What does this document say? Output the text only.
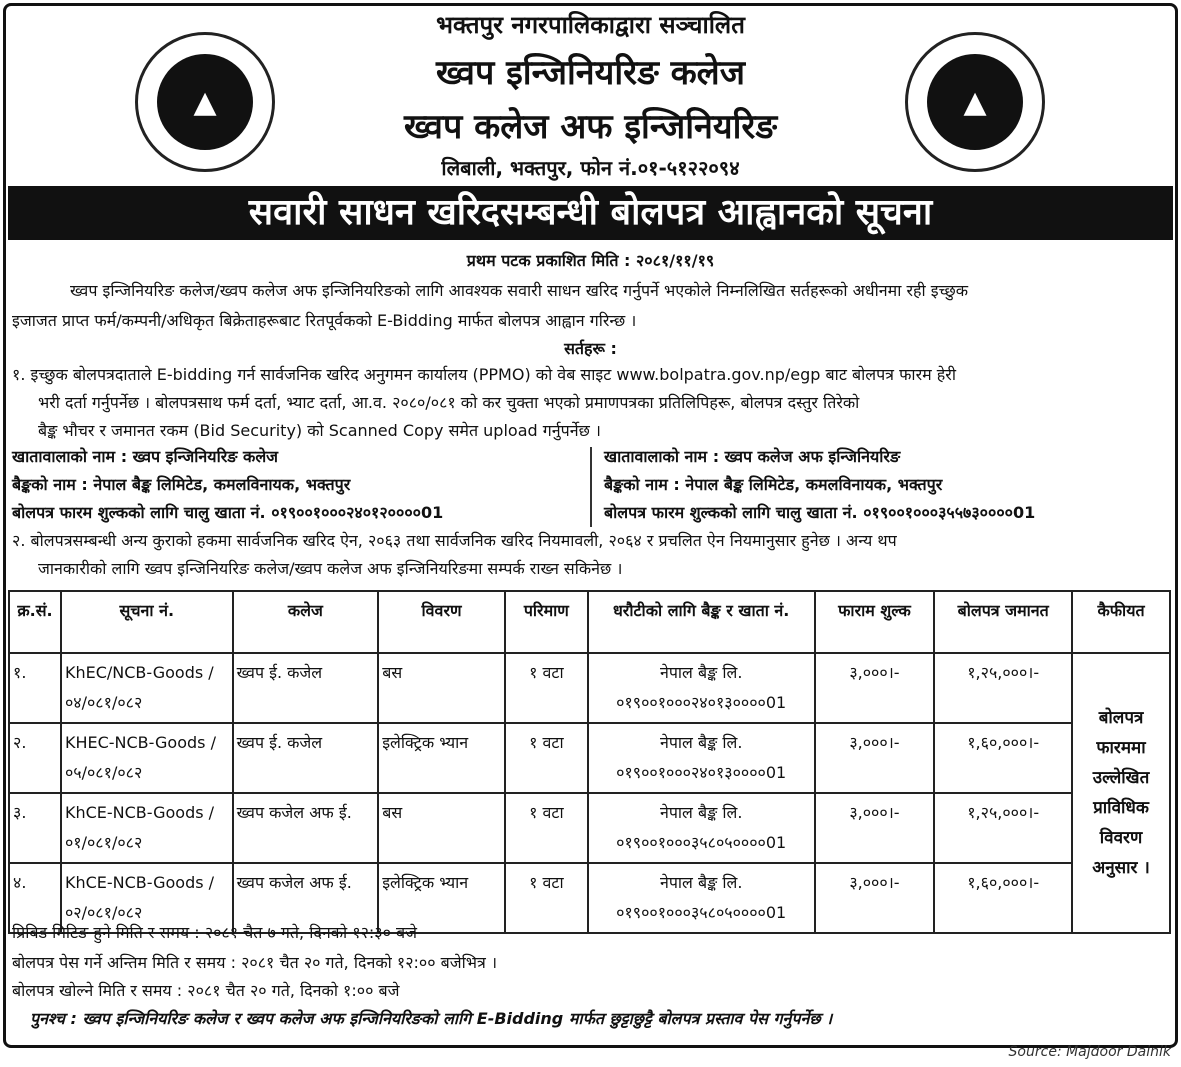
▲	▲
भक्तपुर नगरपालिकाद्वारा सञ्चालित
ख्वप इन्जिनियरिङ कलेज
ख्वप कलेज अफ इन्जिनियरिङ
लिबाली, भक्तपुर, फोन नं.०१-५१२२०९४
सवारी साधन खरिदसम्बन्धी बोलपत्र आह्वानको सूचना
प्रथम पटक प्रकाशित मिति : २०८१/११/१९
ख्वप इन्जिनियरिङ कलेज/ख्वप कलेज अफ इन्जिनियरिङको लागि आवश्यक सवारी साधन खरिद गर्नुपर्ने भएकोले निम्नलिखित सर्तहरूको अधीनमा रही इच्छुक
इजाजत प्राप्त फर्म/कम्पनी/अधिकृत बिक्रेताहरूबाट रितपूर्वकको E-Bidding मार्फत बोलपत्र आह्वान गरिन्छ ।
सर्तहरू :
१. इच्छुक बोलपत्रदाताले E-bidding गर्न सार्वजनिक खरिद अनुगमन कार्यालय (PPMO) को वेब साइट www.bolpatra.gov.np/egp बाट बोलपत्र फारम हेरी
भरी दर्ता गर्नुपर्नेछ । बोलपत्रसाथ फर्म दर्ता, भ्याट दर्ता, आ.व. २०८०/०८१ को कर चुक्ता भएको प्रमाणपत्रका प्रतिलिपिहरू, बोलपत्र दस्तुर तिरेको
बैङ्क भौचर र जमानत रकम (Bid Security) को Scanned Copy समेत upload गर्नुपर्नेछ ।
खातावालाको नाम : ख्वप इन्जिनियरिङ कलेज
बैङ्कको नाम : नेपाल बैङ्क लिमिटेड, कमलविनायक, भक्तपुर
बोलपत्र फारम शुल्कको लागि चालु खाता नं. ०१९००१०००२४०१२००००01
खातावालाको नाम : ख्वप कलेज अफ इन्जिनियरिङ
बैङ्कको नाम : नेपाल बैङ्क लिमिटेड, कमलविनायक, भक्तपुर
बोलपत्र फारम शुल्कको लागि चालु खाता नं. ०१९००१०००३५५७३००००01
२. बोलपत्रसम्बन्धी अन्य कुराको हकमा सार्वजनिक खरिद ऐन, २०६३ तथा सार्वजनिक खरिद नियमावली, २०६४ र प्रचलित ऐन नियमानुसार हुनेछ । अन्य थप
जानकारीको लागि ख्वप इन्जिनियरिङ कलेज/ख्वप कलेज अफ इन्जिनियरिङमा सम्पर्क राख्न सकिनेछ ।
क्र.सं.	सूचना नं.	कलेज	विवरण	परिमाण	धरौटीको लागि बैङ्क र खाता नं.	फाराम शुल्क	बोलपत्र जमानत	कैफीयत
१.	KhEC/NCB-Goods /०४/०८१/०८२	ख्वप ई. कजेल	बस	१ वटा	नेपाल बैङ्क लि. ०१९००१०००२४०१३००००01	३,०००।-	१,२५,०००।-	बोलपत्र फारममा उल्लेखित प्राविधिक विवरण अनुसार ।
२.	KHEC-NCB-Goods /०५/०८१/०८२	ख्वप ई. कजेल	इलेक्ट्रिक भ्यान	१ वटा	नेपाल बैङ्क लि. ०१९००१०००२४०१३००००01	३,०००।-	१,६०,०००।-	
३.	KhCE-NCB-Goods /०१/०८१/०८२	ख्वप कजेल अफ ई.	बस	१ वटा	नेपाल बैङ्क लि. ०१९००१०००३५८०५००००01	३,०००।-	१,२५,०००।-	
४.	KhCE-NCB-Goods /०२/०८१/०८२	ख्वप कजेल अफ ई.	इलेक्ट्रिक भ्यान	१ वटा	नेपाल बैङ्क लि. ०१९००१०००३५८०५००००01	३,०००।-	१,६०,०००।-	
प्रिबिड मिटिङ हुने मिति र समय : २०८१ चैत ७ गते, दिनको १२:३० बजे
बोलपत्र पेस गर्ने अन्तिम मिति र समय : २०८१ चैत २० गते, दिनको १२:०० बजेभित्र ।
बोलपत्र खोल्ने मिति र समय : २०८१ चैत २० गते, दिनको १:०० बजे
पुनश्च : ख्वप इन्जिनियरिङ कलेज र ख्वप कलेज अफ इन्जिनियरिङको लागि E-Bidding मार्फत छुट्टाछुट्टै बोलपत्र प्रस्ताव पेस गर्नुपर्नेछ ।
Source: Majdoor Dainik
